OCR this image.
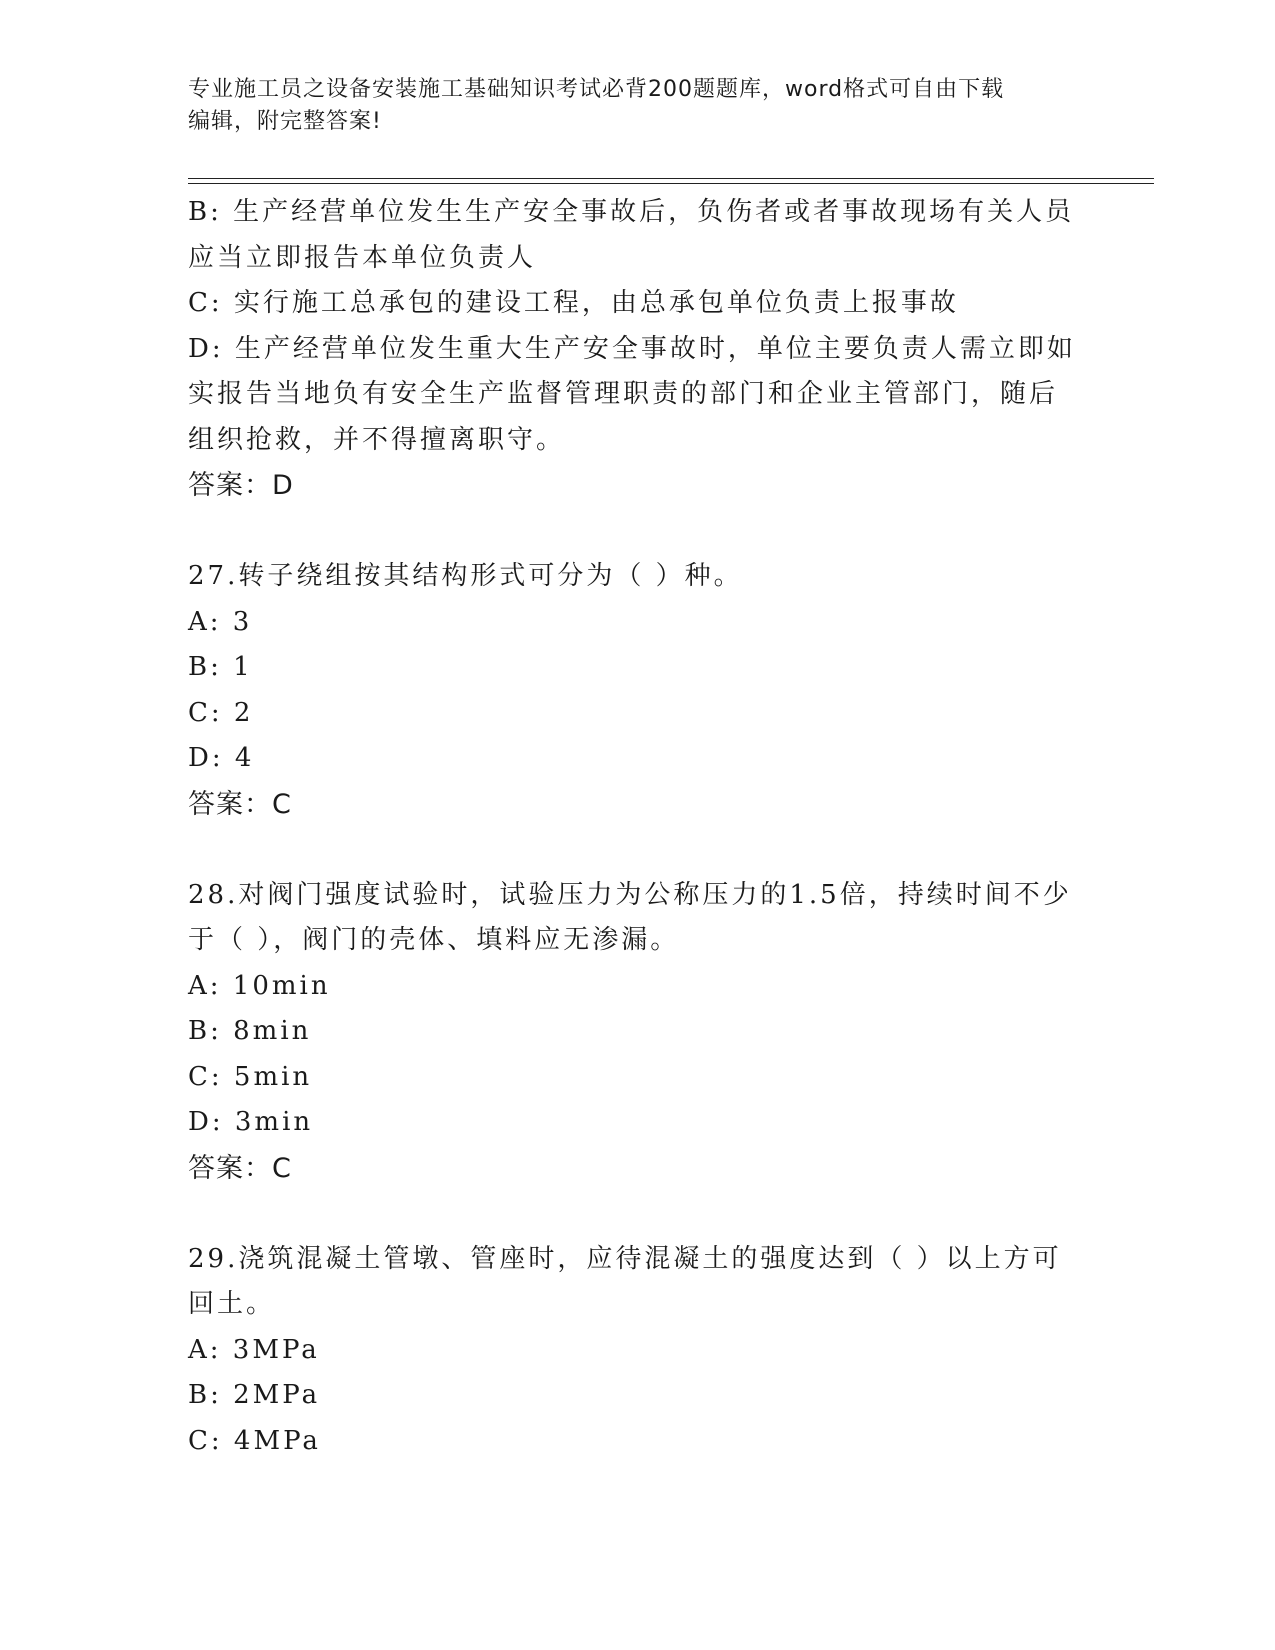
专业施工员之设备安装施工基础知识考试必背200题题库，word格式可自由下载
编辑，附完整答案!
B: 生产经营单位发生生产安全事故后，负伤者或者事故现场有关人员
应当立即报告本单位负责人
C: 实行施工总承包的建设工程，由总承包单位负责上报事故
D: 生产经营单位发生重大生产安全事故时，单位主要负责人需立即如
实报告当地负有安全生产监督管理职责的部门和企业主管部门，随后
组织抢救，并不得擅离职守。
答案：D
27.转子绕组按其结构形式可分为（ ）种。
A: 3
B: 1
C: 2
D: 4
答案：C
28.对阀门强度试验时，试验压力为公称压力的1.5倍，持续时间不少
于（ ），阀门的壳体、填料应无渗漏。
A: 10min
B: 8min
C: 5min
D: 3min
答案：C
29.浇筑混凝土管墩、管座时，应待混凝土的强度达到（ ）以上方可
回土。
A: 3MPa
B: 2MPa
C: 4MPa
